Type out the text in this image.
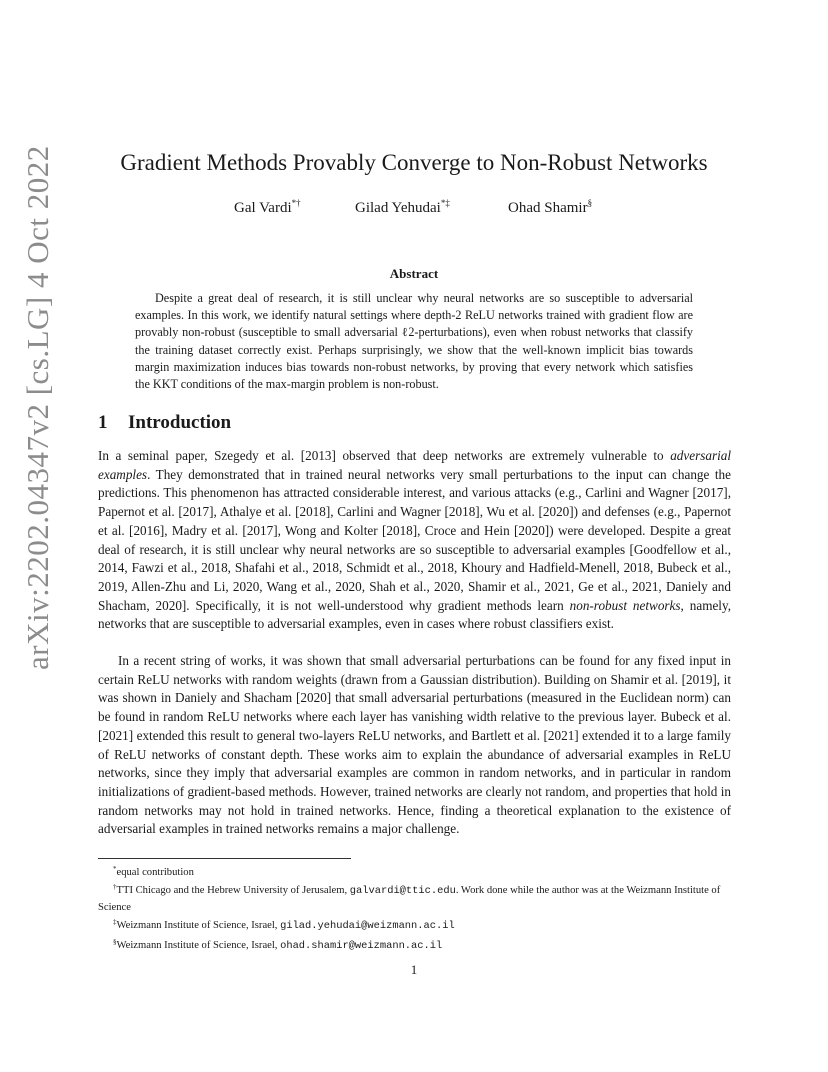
arXiv:2202.04347v2 [cs.LG] 4 Oct 2022	Gradient Methods Provably Converge to Non-Robust Networks
Gal Vardi*†	Gilad Yehudai*‡	Ohad Shamir§
Abstract

Despite a great deal of research, it is still unclear why neural networks are so susceptible to adversarial examples. In this work, we identify natural settings where depth-2 ReLU networks trained with gradient flow are provably non-robust (susceptible to small adversarial ℓ2-perturbations), even when robust networks that classify the training dataset correctly exist. Perhaps surprisingly, we show that the well-known implicit bias towards margin maximization induces bias towards non-robust networks, by proving that every network which satisfies the KKT conditions of the max-margin problem is non-robust.

1 Introduction

In a seminal paper, Szegedy et al. [2013] observed that deep networks are extremely vulnerable to adversarial examples. They demonstrated that in trained neural networks very small perturbations to the input can change the predictions. This phenomenon has attracted considerable interest, and various attacks (e.g., Carlini and Wagner [2017], Papernot et al. [2017], Athalye et al. [2018], Carlini and Wagner [2018], Wu et al. [2020]) and defenses (e.g., Papernot et al. [2016], Madry et al. [2017], Wong and Kolter [2018], Croce and Hein [2020]) were developed. Despite a great deal of research, it is still unclear why neural networks are so susceptible to adversarial examples [Goodfellow et al., 2014, Fawzi et al., 2018, Shafahi et al., 2018, Schmidt et al., 2018, Khoury and Hadfield-Menell, 2018, Bubeck et al., 2019, Allen-Zhu and Li, 2020, Wang et al., 2020, Shah et al., 2020, Shamir et al., 2021, Ge et al., 2021, Daniely and Shacham, 2020]. Specifically, it is not well-understood why gradient methods learn non-robust networks, namely, networks that are susceptible to adversarial examples, even in cases where robust classifiers exist.

In a recent string of works, it was shown that small adversarial perturbations can be found for any fixed input in certain ReLU networks with random weights (drawn from a Gaussian distribution). Building on Shamir et al. [2019], it was shown in Daniely and Shacham [2020] that small adversarial perturbations (measured in the Euclidean norm) can be found in random ReLU networks where each layer has vanishing width relative to the previous layer. Bubeck et al. [2021] extended this result to general two-layers ReLU networks, and Bartlett et al. [2021] extended it to a large family of ReLU networks of constant depth. These works aim to explain the abundance of adversarial examples in ReLU networks, since they imply that adversarial examples are common in random networks, and in particular in random initializations of gradient-based methods. However, trained networks are clearly not random, and properties that hold in random networks may not hold in trained networks. Hence, finding a theoretical explanation to the existence of adversarial examples in trained networks remains a major challenge.

*equal contribution

†TTI Chicago and the Hebrew University of Jerusalem, galvardi@ttic.edu. Work done while the author was at the Weizmann Institute of Science

‡Weizmann Institute of Science, Israel, gilad.yehudai@weizmann.ac.il

§Weizmann Institute of Science, Israel, ohad.shamir@weizmann.ac.il

1
